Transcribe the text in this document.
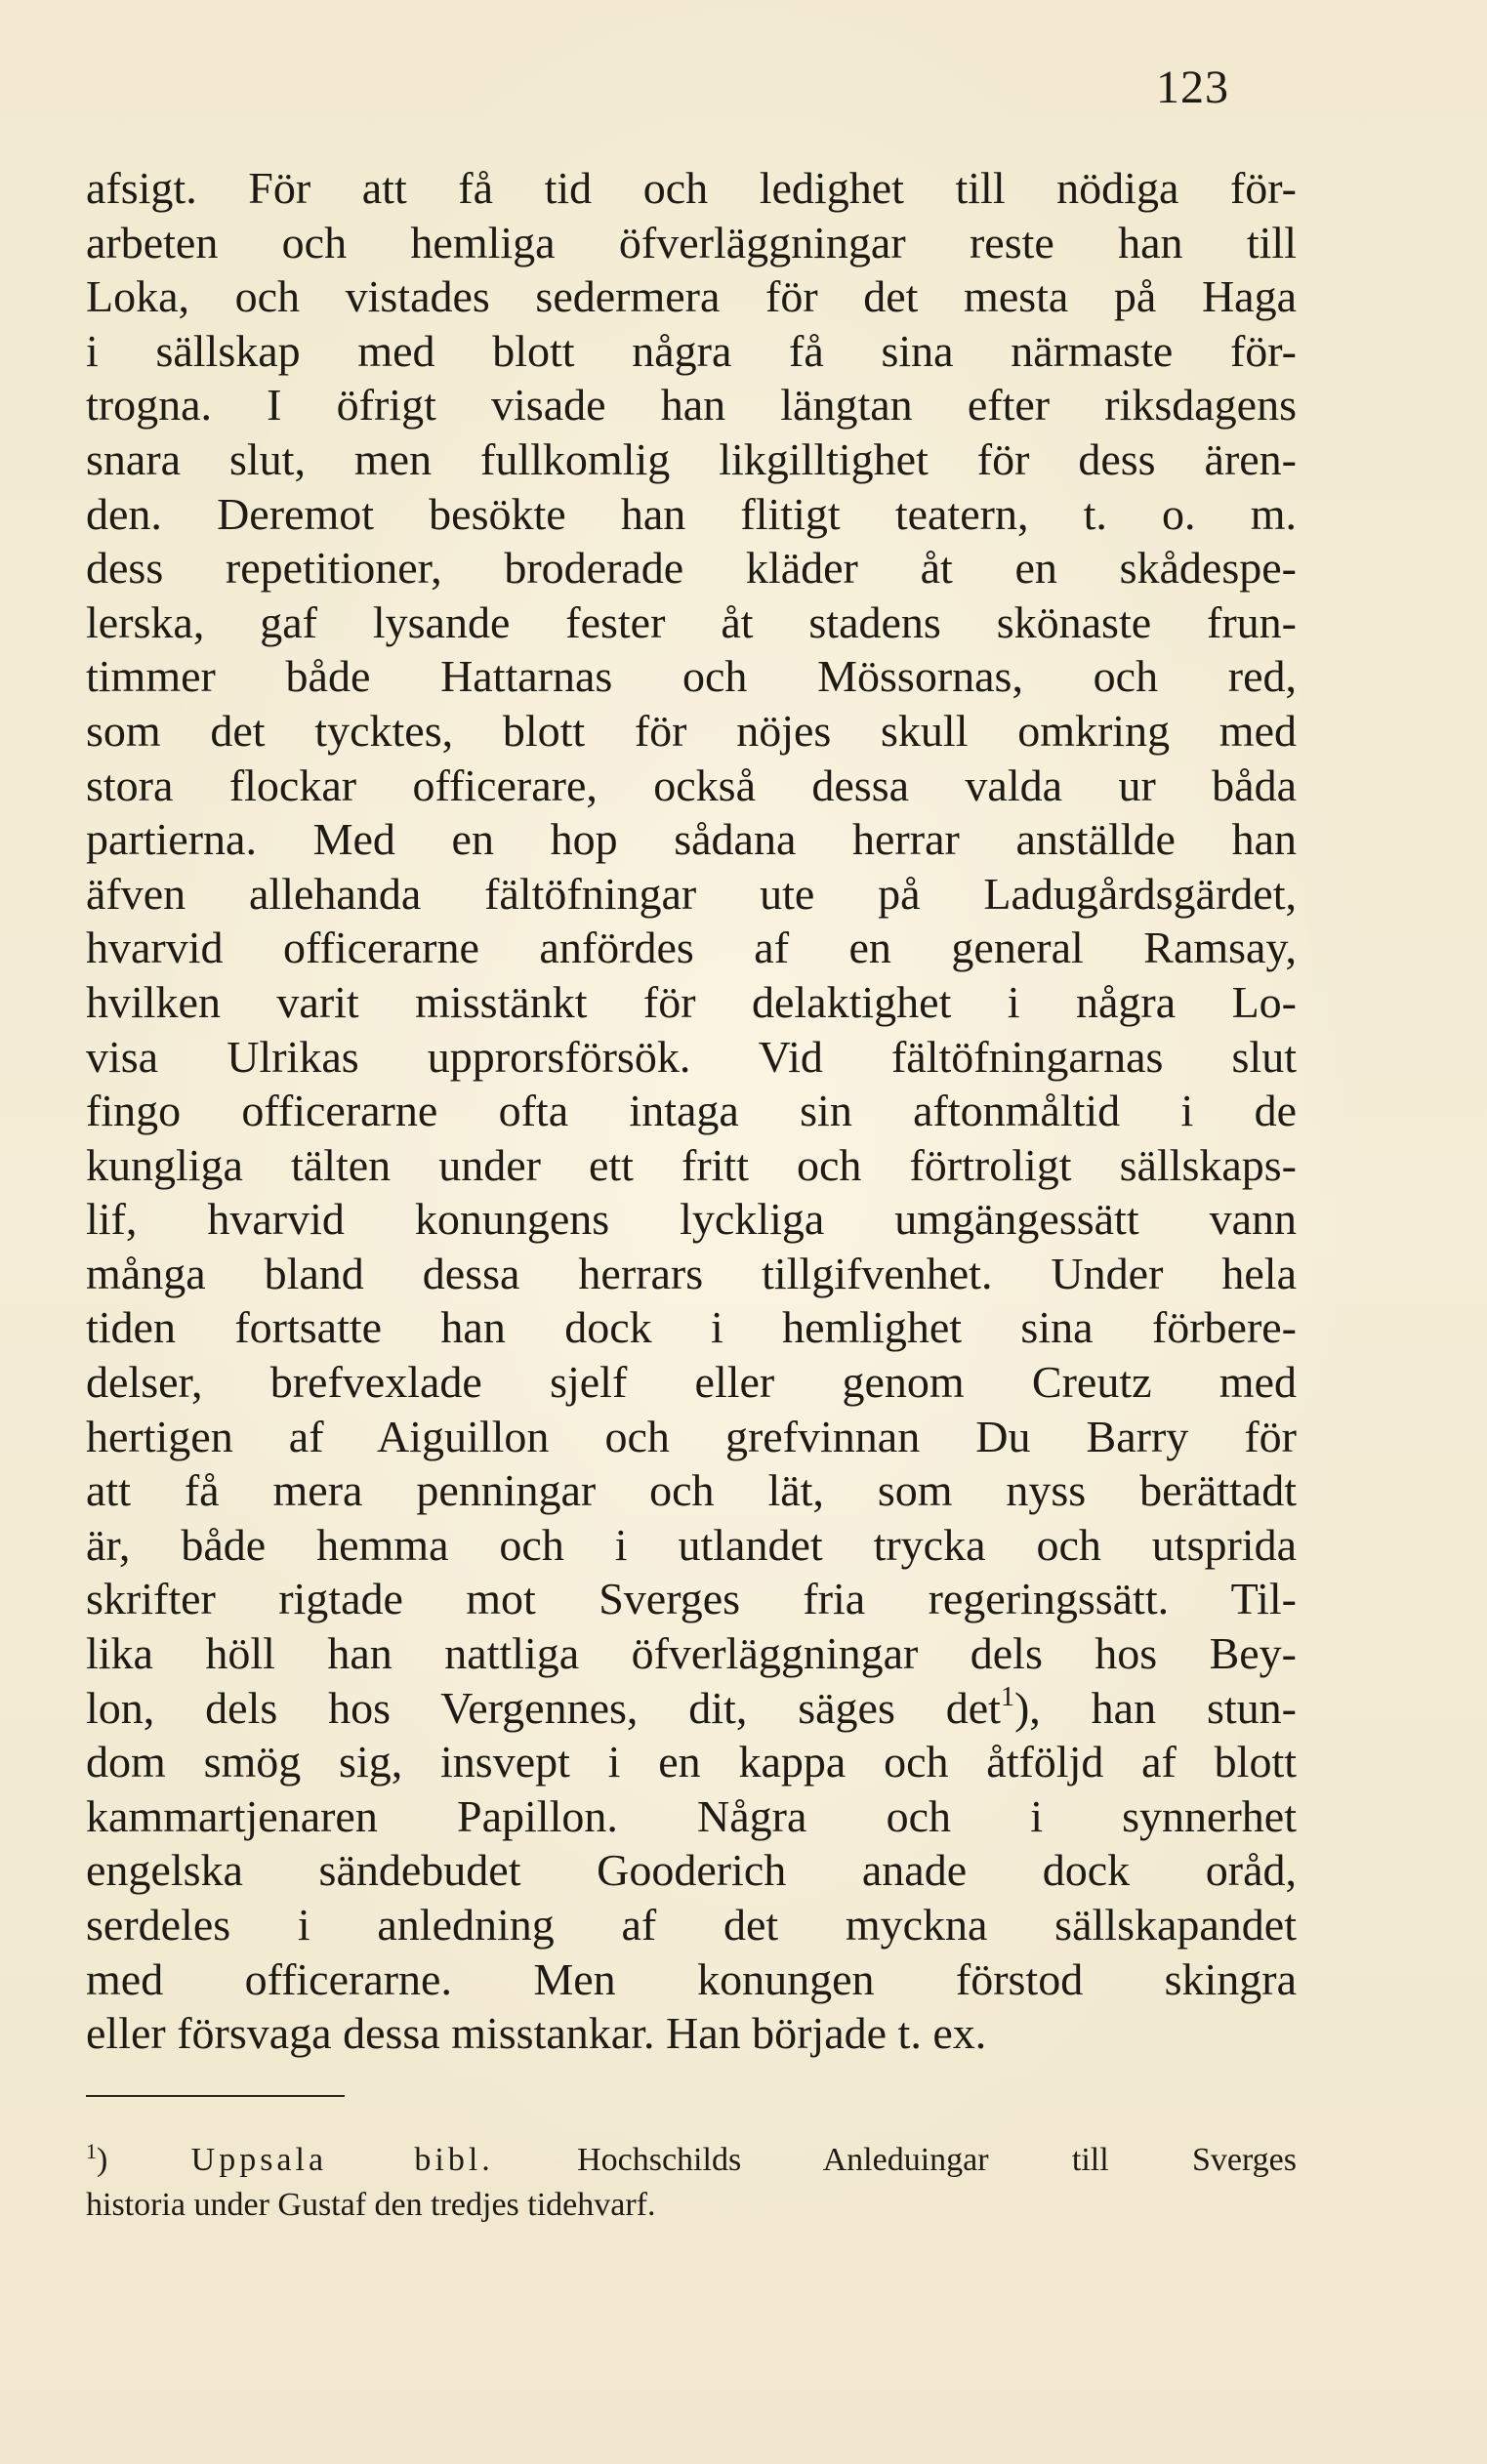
123
afsigt. För att få tid och ledighet till nödiga för-
arbeten och hemliga öfverläggningar reste han till
Loka, och vistades sedermera för det mesta på Haga
i sällskap med blott några få sina närmaste för-
trogna. I öfrigt visade han längtan efter riksdagens
snara slut, men fullkomlig likgilltighet för dess ären-
den. Deremot besökte han flitigt teatern, t. o. m.
dess repetitioner, broderade kläder åt en skådespe-
lerska, gaf lysande fester åt stadens skönaste frun-
timmer både Hattarnas och Mössornas, och red,
som det tycktes, blott för nöjes skull omkring med
stora flockar officerare, också dessa valda ur båda
partierna. Med en hop sådana herrar anställde han
äfven allehanda fältöfningar ute på Ladugårdsgärdet,
hvarvid officerarne anfördes af en general Ramsay,
hvilken varit misstänkt för delaktighet i några Lo-
visa Ulrikas upprorsförsök. Vid fältöfningarnas slut
fingo officerarne ofta intaga sin aftonmåltid i de
kungliga tälten under ett fritt och förtroligt sällskaps-
lif, hvarvid konungens lyckliga umgängessätt vann
många bland dessa herrars tillgifvenhet. Under hela
tiden fortsatte han dock i hemlighet sina förbere-
delser, brefvexlade sjelf eller genom Creutz med
hertigen af Aiguillon och grefvinnan Du Barry för
att få mera penningar och lät, som nyss berättadt
är, både hemma och i utlandet trycka och utsprida
skrifter rigtade mot Sverges fria regeringssätt. Til-
lika höll han nattliga öfverläggningar dels hos Bey-
lon, dels hos Vergennes, dit, säges det$^1$), han stun-
dom smög sig, insvept i en kappa och åtföljd af blott
kammartjenaren Papillon. Några och i synnerhet
engelska sändebudet Gooderich anade dock oråd,
serdeles i anledning af det myckna sällskapandet
med officerarne. Men konungen förstod skingra
eller försvaga dessa misstankar. Han började t. ex.
$^1$)	Uppsala bibl.	Hochschilds Anleduingar till Sverges
historia under Gustaf den tredjes tidehvarf.
